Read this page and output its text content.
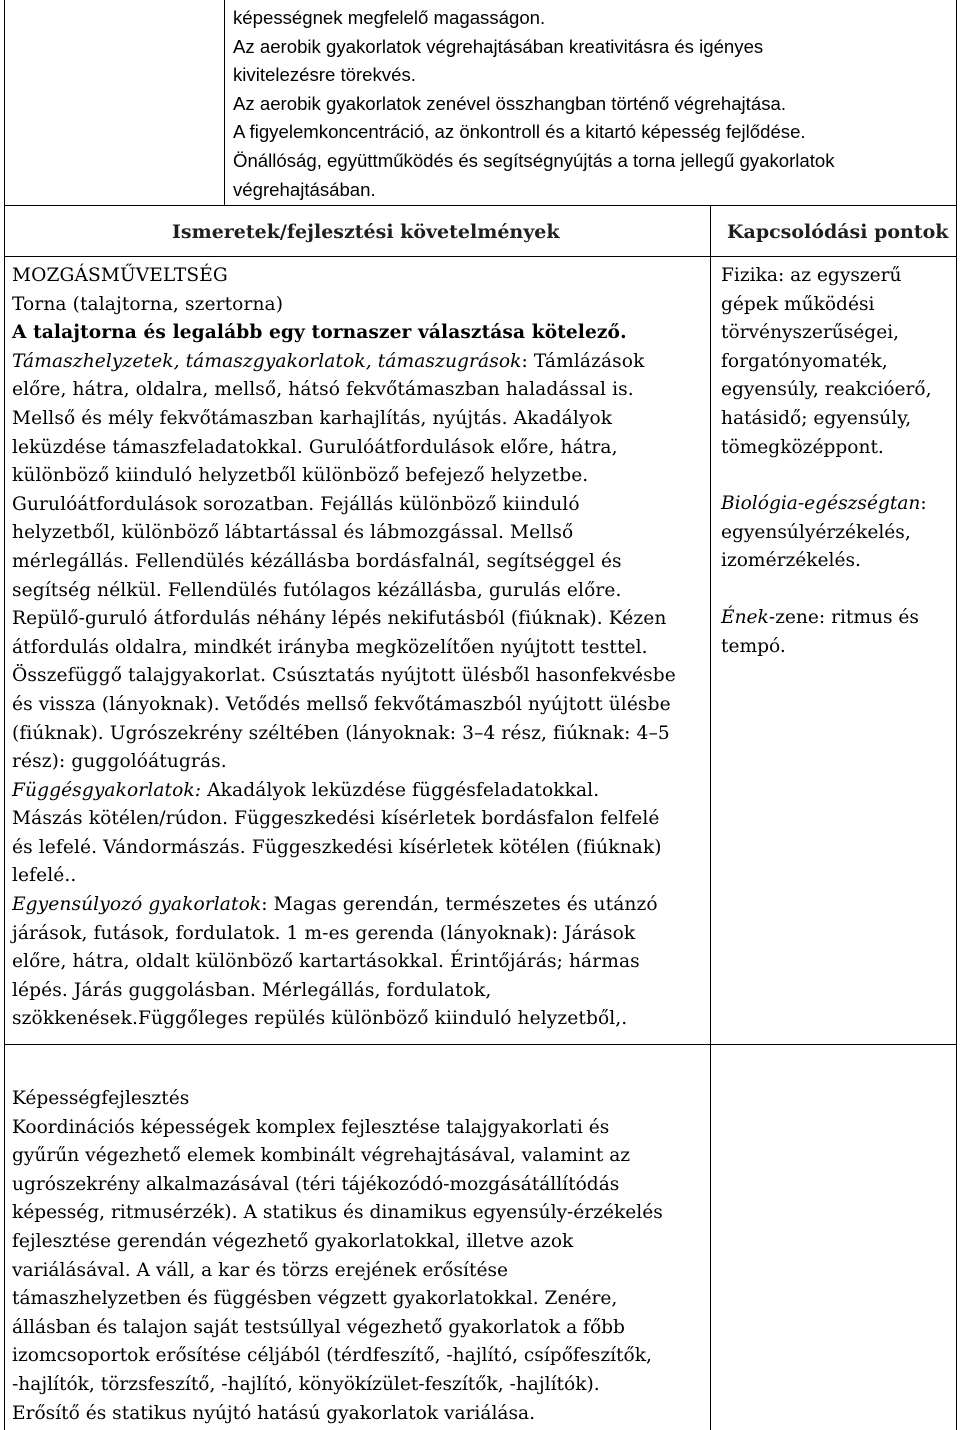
képességnek megfelelő magasságon.
Az aerobik gyakorlatok végrehajtásában kreativitásra és igényes
kivitelezésre törekvés.
Az aerobik gyakorlatok zenével összhangban történő végrehajtása.
A figyelemkoncentráció, az önkontroll és a kitartó képesség fejlődése.
Önállóság, együttműködés és segítségnyújtás a torna jellegű gyakorlatok
végrehajtásában.
Ismeretek/fejlesztési követelmények	Kapcsolódási pontok
MOZGÁSMŰVELTSÉG
Torna (talajtorna, szertorna)
A talajtorna és legalább egy tornaszer választása kötelező.
Támaszhelyzetek, támaszgyakorlatok, támaszugrások: Támlázások
előre, hátra, oldalra, mellső, hátsó fekvőtámaszban haladással is.
Mellső és mély fekvőtámaszban karhajlítás, nyújtás. Akadályok
leküzdése támaszfeladatokkal. Gurulóátfordulások előre, hátra,
különböző kiinduló helyzetből különböző befejező helyzetbe.
Gurulóátfordulások sorozatban. Fejállás különböző kiinduló
helyzetből, különböző lábtartással és lábmozgással. Mellső
mérlegállás. Fellendülés kézállásba bordásfalnál, segítséggel és
segítség nélkül. Fellendülés futólagos kézállásba, gurulás előre.
Repülő-guruló átfordulás néhány lépés nekifutásból (fiúknak). Kézen
átfordulás oldalra, mindkét irányba megközelítően nyújtott testtel.
Összefüggő talajgyakorlat. Csúsztatás nyújtott ülésből hasonfekvésbe
és vissza (lányoknak). Vetődés mellső fekvőtámaszból nyújtott ülésbe
(fiúknak). Ugrószekrény széltében (lányoknak: 3–4 rész, fiúknak: 4–5
rész): guggolóátugrás.
Függésgyakorlatok: Akadályok leküzdése függésfeladatokkal.
Mászás kötélen/rúdon. Függeszkedési kísérletek bordásfalon felfelé
és lefelé. Vándormászás. Függeszkedési kísérletek kötélen (fiúknak)
lefelé..
Egyensúlyozó gyakorlatok: Magas gerendán, természetes és utánzó
járások, futások, fordulatok. 1 m-es gerenda (lányoknak): Járások
előre, hátra, oldalt különböző kartartásokkal. Érintőjárás; hármas
lépés. Járás guggolásban. Mérlegállás, fordulatok,
szökkenések.Függőleges repülés különböző kiinduló helyzetből,.
Fizika: az egyszerű
gépek működési
törvényszerűségei,
forgatónyomaték,
egyensúly, reakcióerő,
hatásidő; egyensúly,
tömegközéppont.
Biológia-egészségtan:
egyensúlyérzékelés,
izomérzékelés.
Ének-zene: ritmus és
tempó.
Képességfejlesztés
Koordinációs képességek komplex fejlesztése talajgyakorlati és
gyűrűn végezhető elemek kombinált végrehajtásával, valamint az
ugrószekrény alkalmazásával (téri tájékozódó-mozgásátállítódás
képesség, ritmusérzék). A statikus és dinamikus egyensúly-érzékelés
fejlesztése gerendán végezhető gyakorlatokkal, illetve azok
variálásával. A váll, a kar és törzs erejének erősítése
támaszhelyzetben és függésben végzett gyakorlatokkal. Zenére,
állásban és talajon saját testsúllyal végezhető gyakorlatok a főbb
izomcsoportok erősítése céljából (térdfeszítő, -hajlító, csípőfeszítők,
-hajlítók, törzsfeszítő, -hajlító, könyökízület-feszítők, -hajlítók).
Erősítő és statikus nyújtó hatású gyakorlatok variálása.
